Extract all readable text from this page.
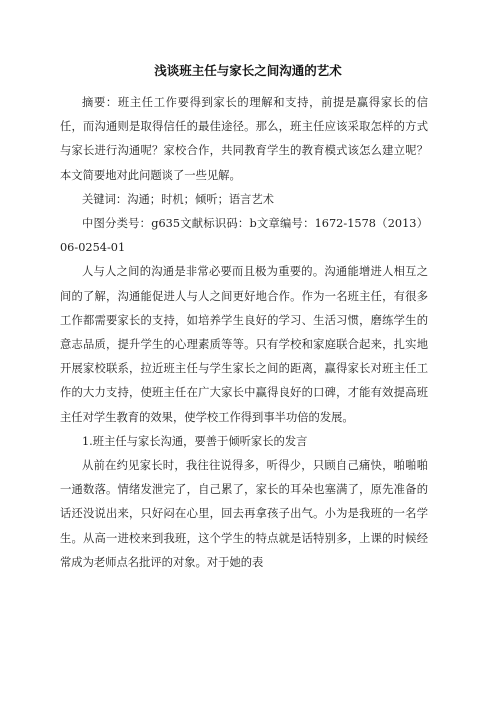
浅谈班主任与家长之间沟通的艺术

摘要：班主任工作要得到家长的理解和支持，前提是赢得家长的信任，而沟通则是取得信任的最佳途径。那么，班主任应该采取怎样的方式与家长进行沟通呢？家校合作，共同教育学生的教育模式该怎么建立呢？本文简要地对此问题谈了一些见解。

关键词：沟通；时机；倾听；语言艺术

中图分类号：g635文献标识码：b文章编号：1672-1578（2013）06-0254-01

人与人之间的沟通是非常必要而且极为重要的。沟通能增进人相互之间的了解，沟通能促进人与人之间更好地合作。作为一名班主任，有很多工作都需要家长的支持，如培养学生良好的学习、生活习惯，磨练学生的意志品质，提升学生的心理素质等等。只有学校和家庭联合起来，扎实地开展家校联系，拉近班主任与学生家长之间的距离，赢得家长对班主任工作的大力支持，使班主任在广大家长中赢得良好的口碑，才能有效提高班主任对学生教育的效果，使学校工作得到事半功倍的发展。

1.班主任与家长沟通，要善于倾听家长的发言

从前在约见家长时，我往往说得多，听得少，只顾自己痛快，啪啪啪一通数落。情绪发泄完了，自己累了，家长的耳朵也塞满了，原先准备的话还没说出来，只好闷在心里，回去再拿孩子出气。小为是我班的一名学生。从高一进校来到我班，这个学生的特点就是话特别多，上课的时候经常成为老师点名批评的对象。对于她的表
